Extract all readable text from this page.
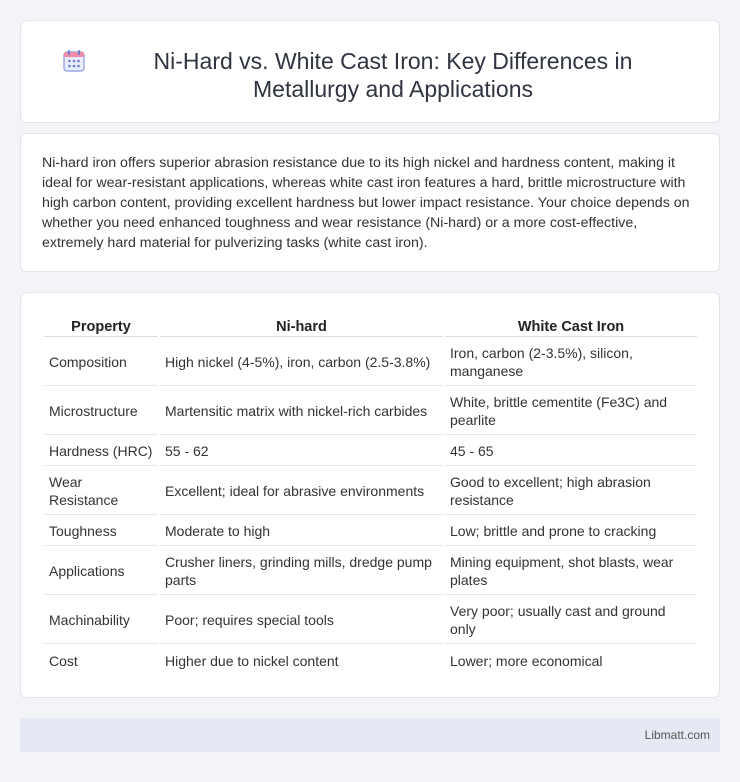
Ni-Hard vs. White Cast Iron: Key Differences in Metallurgy and Applications

Ni-hard iron offers superior abrasion resistance due to its high nickel and hardness content, making it ideal for wear-resistant applications, whereas white cast iron features a hard, brittle microstructure with high carbon content, providing excellent hardness but lower impact resistance. Your choice depends on whether you need enhanced toughness and wear resistance (Ni-hard) or a more cost-effective, extremely hard material for pulverizing tasks (white cast iron).

Property	Ni-hard	White Cast Iron
Composition	High nickel (4-5%), iron, carbon (2.5-3.8%)	Iron, carbon (2-3.5%), silicon, manganese
Microstructure	Martensitic matrix with nickel-rich carbides	White, brittle cementite (Fe3C) and pearlite
Hardness (HRC)	55 - 62	45 - 65
Wear Resistance	Excellent; ideal for abrasive environments	Good to excellent; high abrasion resistance
Toughness	Moderate to high	Low; brittle and prone to cracking
Applications	Crusher liners, grinding mills, dredge pump parts	Mining equipment, shot blasts, wear plates
Machinability	Poor; requires special tools	Very poor; usually cast and ground only
Cost	Higher due to nickel content	Lower; more economical
Libmatt.com
